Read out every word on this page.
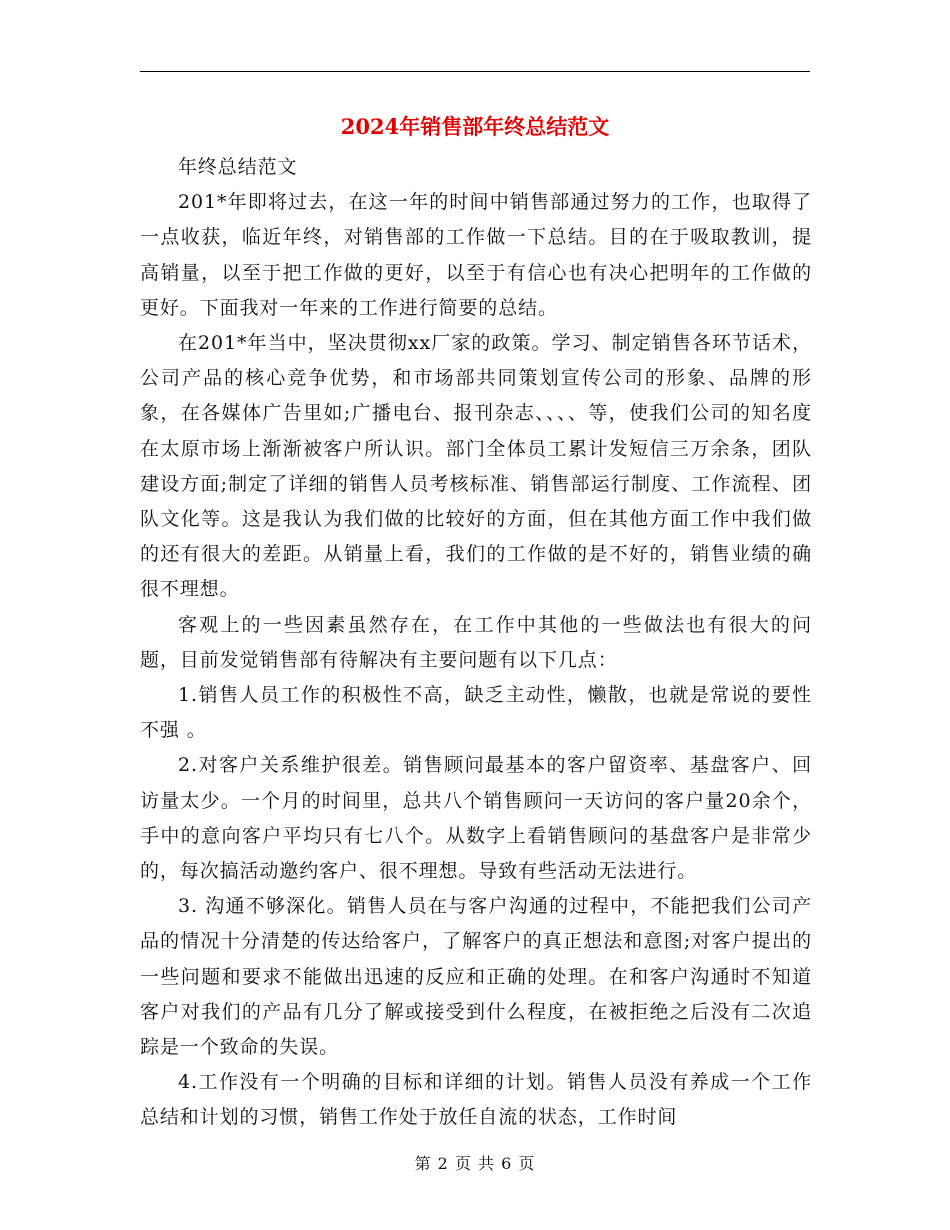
2024年销售部年终总结范文

年终总结范文

201*年即将过去，在这一年的时间中销售部通过努力的工作，也取得了一点收获，临近年终，对销售部的工作做一下总结。目的在于吸取教训，提高销量，以至于把工作做的更好，以至于有信心也有决心把明年的工作做的更好。下面我对一年来的工作进行简要的总结。

在201*年当中，坚决贯彻xx厂家的政策。学习、制定销售各环节话术，公司产品的核心竞争优势，和市场部共同策划宣传公司的形象、品牌的形象，在各媒体广告里如;广播电台、报刊杂志、、、、等，使我们公司的知名度在太原市场上渐渐被客户所认识。部门全体员工累计发短信三万余条，团队建设方面;制定了详细的销售人员考核标准、销售部运行制度、工作流程、团队文化等。这是我认为我们做的比较好的方面，但在其他方面工作中我们做的还有很大的差距。从销量上看，我们的工作做的是不好的，销售业绩的确很不理想。

客观上的一些因素虽然存在，在工作中其他的一些做法也有很大的问题，目前发觉销售部有待解决有主要问题有以下几点：

1.销售人员工作的积极性不高，缺乏主动性，懒散，也就是常说的要性不强 。

2.对客户关系维护很差。销售顾问最基本的客户留资率、基盘客户、回访量太少。一个月的时间里，总共八个销售顾问一天访问的客户量20余个，手中的意向客户平均只有七八个。从数字上看销售顾问的基盘客户是非常少的，每次搞活动邀约客户、很不理想。导致有些活动无法进行。

3. 沟通不够深化。销售人员在与客户沟通的过程中，不能把我们公司产品的情况十分清楚的传达给客户，了解客户的真正想法和意图;对客户提出的一些问题和要求不能做出迅速的反应和正确的处理。在和客户沟通时不知道客户对我们的产品有几分了解或接受到什么程度，在被拒绝之后没有二次追踪是一个致命的失误。

4.工作没有一个明确的目标和详细的计划。销售人员没有养成一个工作总结和计划的习惯，销售工作处于放任自流的状态，工作时间

第 2 页 共 6 页
